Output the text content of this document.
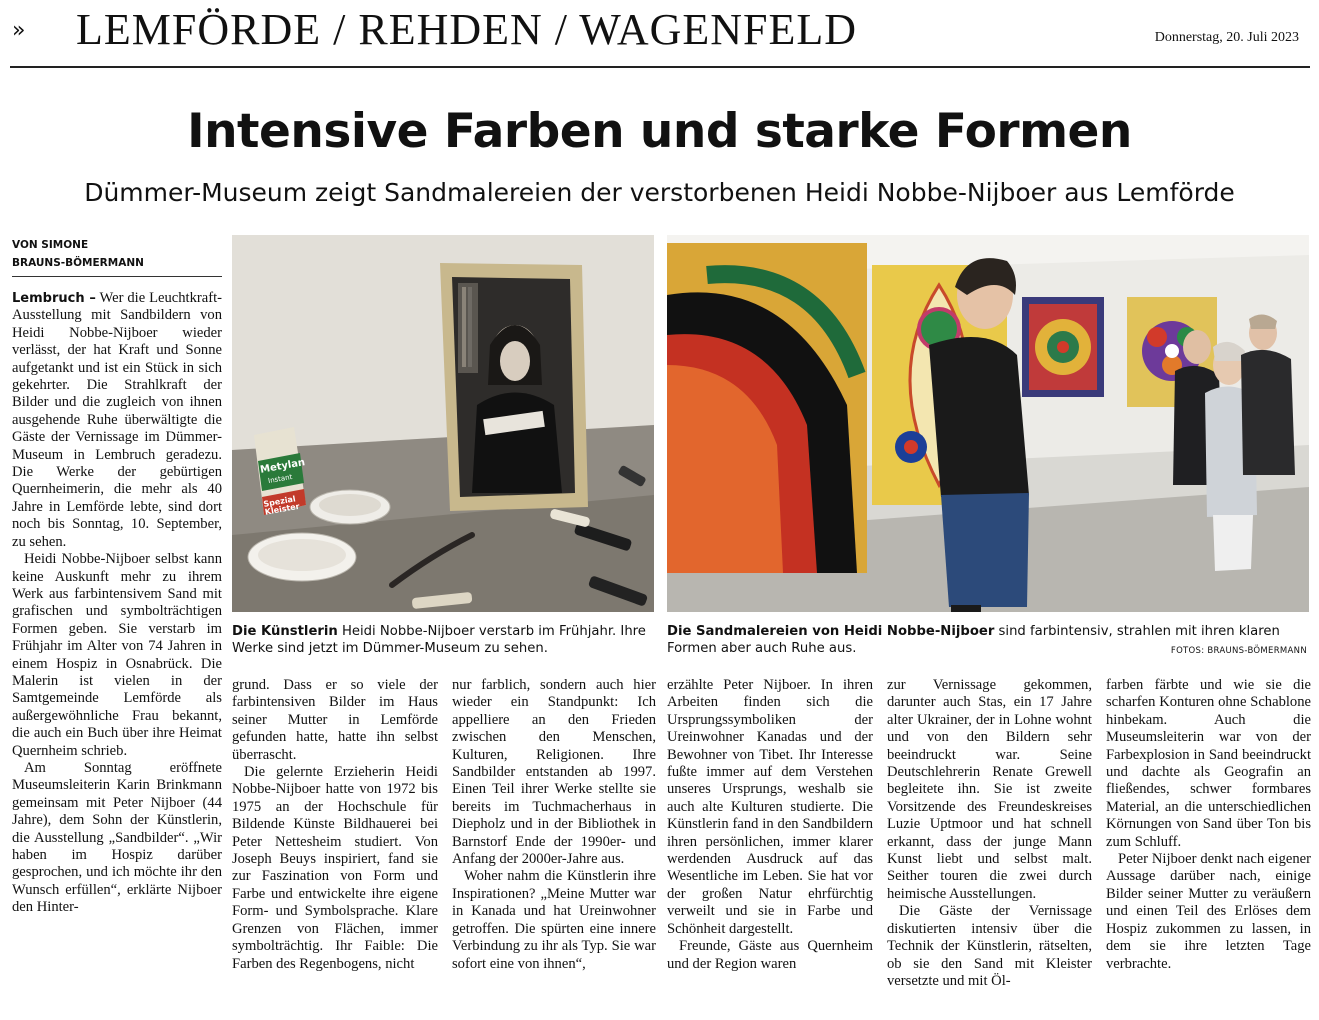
» LEMFÖRDE / REHDEN / WAGENFELD	Donnerstag, 20. Juli 2023
Intensive Farben und starke Formen
Dümmer-Museum zeigt Sandmalereien der verstorbenen Heidi Nobbe-Nijboer aus Lemförde
VON SIMONE
BRAUNS-BÖMERMANN

Lembruch – Wer die Leuchtkraft-Ausstellung mit Sandbildern von Heidi Nobbe-Nijboer wieder verlässt, der hat Kraft und Sonne aufgetankt und ist ein Stück in sich gekehrter. Die Strahlkraft der Bilder und die zugleich von ihnen ausgehende Ruhe überwältigte die Gäste der Vernissage im Dümmer-Museum in Lembruch geradezu. Die Werke der gebürtigen Quernheimerin, die mehr als 40 Jahre in Lemförde lebte, sind dort noch bis Sonntag, 10. September, zu sehen.

Heidi Nobbe-Nijboer selbst kann keine Auskunft mehr zu ihrem Werk aus farbintensivem Sand mit grafischen und symbolträchtigen Formen geben. Sie verstarb im Frühjahr im Alter von 74 Jahren in einem Hospiz in Osnabrück. Die Malerin ist vielen in der Samtgemeinde Lemförde als außergewöhnliche Frau bekannt, die auch ein Buch über ihre Heimat Quernheim schrieb.

Am Sonntag eröffnete Museumsleiterin Karin Brinkmann gemeinsam mit Peter Nijboer (44 Jahre), dem Sohn der Künstlerin, die Ausstellung „Sandbilder“. „Wir haben im Hospiz darüber gesprochen, und ich möchte ihr den Wunsch erfüllen“, erklärte Nijboer den Hinter-

Metylan
Instant
Spezial Kleister
Die Künstlerin Heidi Nobbe-Nijboer verstarb im Frühjahr. Ihre Werke sind jetzt im Dümmer-Museum zu sehen.
Die Sandmalereien von Heidi Nobbe-Nijboer sind farbintensiv, strahlen mit ihren klaren Formen aber auch Ruhe aus.	FOTOS: BRAUNS-BÖMERMANN

grund. Dass er so viele der farbintensiven Bilder im Haus seiner Mutter in Lemförde gefunden hatte, hatte ihn selbst überrascht.

Die gelernte Erzieherin Heidi Nobbe-Nijboer hatte von 1972 bis 1975 an der Hochschule für Bildende Künste Bildhauerei bei Peter Nettesheim studiert. Von Joseph Beuys inspiriert, fand sie zur Faszination von Form und Farbe und entwickelte ihre eigene Form- und Symbolsprache. Klare Grenzen von Flächen, immer symbolträchtig. Ihr Faible: Die Farben des Regenbogens, nicht

nur farblich, sondern auch hier wieder ein Standpunkt: Ich appelliere an den Frieden zwischen den Menschen, Kulturen, Religionen. Ihre Sandbilder entstanden ab 1997. Einen Teil ihrer Werke stellte sie bereits im Tuchmacherhaus in Diepholz und in der Bibliothek in Barnstorf Ende der 1990er- und Anfang der 2000er-Jahre aus.

Woher nahm die Künstlerin ihre Inspirationen? „Meine Mutter war in Kanada und hat Ureinwohner getroffen. Die spürten eine innere Verbindung zu ihr als Typ. Sie war sofort eine von ihnen“,

erzählte Peter Nijboer. In ihren Arbeiten finden sich die Ursprungssymboliken der Ureinwohner Kanadas und der Bewohner von Tibet. Ihr Interesse fußte immer auf dem Verstehen unseres Ursprungs, weshalb sie auch alte Kulturen studierte. Die Künstlerin fand in den Sandbildern ihren persönlichen, immer klarer werdenden Ausdruck auf das Wesentliche im Leben. Sie hat vor der großen Natur ehrfürchtig verweilt und sie in Farbe und Schönheit dargestellt.

Freunde, Gäste aus Quernheim und der Region waren

zur Vernissage gekommen, darunter auch Stas, ein 17 Jahre alter Ukrainer, der in Lohne wohnt und von den Bildern sehr beeindruckt war. Seine Deutschlehrerin Renate Grewell begleitete ihn. Sie ist zweite Vorsitzende des Freundeskreises Luzie Uptmoor und hat schnell erkannt, dass der junge Mann Kunst liebt und selbst malt. Seither touren die zwei durch heimische Ausstellungen.

Die Gäste der Vernissage diskutierten intensiv über die Technik der Künstlerin, rätselten, ob sie den Sand mit Kleister versetzte und mit Öl-

farben färbte und wie sie die scharfen Konturen ohne Schablone hinbekam. Auch die Museumsleiterin war von der Farbexplosion in Sand beeindruckt und dachte als Geografin an fließendes, schwer formbares Material, an die unterschiedlichen Körnungen von Sand über Ton bis zum Schluff.

Peter Nijboer denkt nach eigener Aussage darüber nach, einige Bilder seiner Mutter zu veräußern und einen Teil des Erlöses dem Hospiz zukommen zu lassen, in dem sie ihre letzten Tage verbrachte.
